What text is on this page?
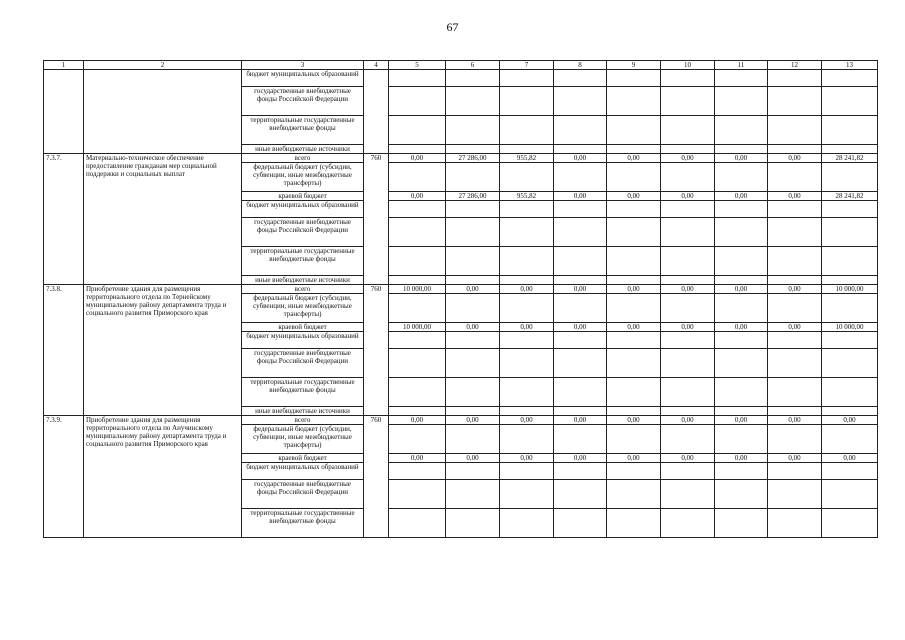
67
1	2	3	4	5	6	7	8	9	10	11	12	13
		бюджет муниципальных образований										
		государственные внебюджетные фонды Российской Федерации										
		территориальные государственные внебюджетные фонды										
		иные внебюджетные источники										
7.3.7.	Материально-техническое обеспечение предоставление гражданам мер социальной поддержки и социальных выплат	всего	760	0,00	27 286,00	955,82	0,00	0,00	0,00	0,00	0,00	28 241,82
		федеральный бюджет (субсидии, субвенции, иные межбюджетные трансферты)										
		краевой бюджет		0,00	27 286,00	955,82	0,00	0,00	0,00	0,00	0,00	28 241,82
		бюджет муниципальных образований										
		государственные внебюджетные фонды Российской Федерации										
		территориальные государственные внебюджетные фонды										
		иные внебюджетные источники										
7.3.8.	Приобретение здания для размещения территориального отдела по Тернейскому муниципальному району департамента труда и социального развития Приморского края	всего	760	10 000,00	0,00	0,00	0,00	0,00	0,00	0,00	0,00	10 000,00
		федеральный бюджет (субсидии, субвенции, иные межбюджетные трансферты)										
		краевой бюджет		10 000,00	0,00	0,00	0,00	0,00	0,00	0,00	0,00	10 000,00
		бюджет муниципальных образований										
		государственные внебюджетные фонды Российской Федерации										
		территориальные государственные внебюджетные фонды										
		иные внебюджетные источники										
7.3.9.	Приобретение здания для размещения территориального отдела по Анучинскому муниципальному району департамента труда и социального развития Приморского края	всего	760	0,00	0,00	0,00	0,00	0,00	0,00	0,00	0,00	0,00
		федеральный бюджет (субсидии, субвенции, иные межбюджетные трансферты)										
		краевой бюджет		0,00	0,00	0,00	0,00	0,00	0,00	0,00	0,00	0,00
		бюджет муниципальных образований										
		государственные внебюджетные фонды Российской Федерации										
		территориальные государственные внебюджетные фонды										
